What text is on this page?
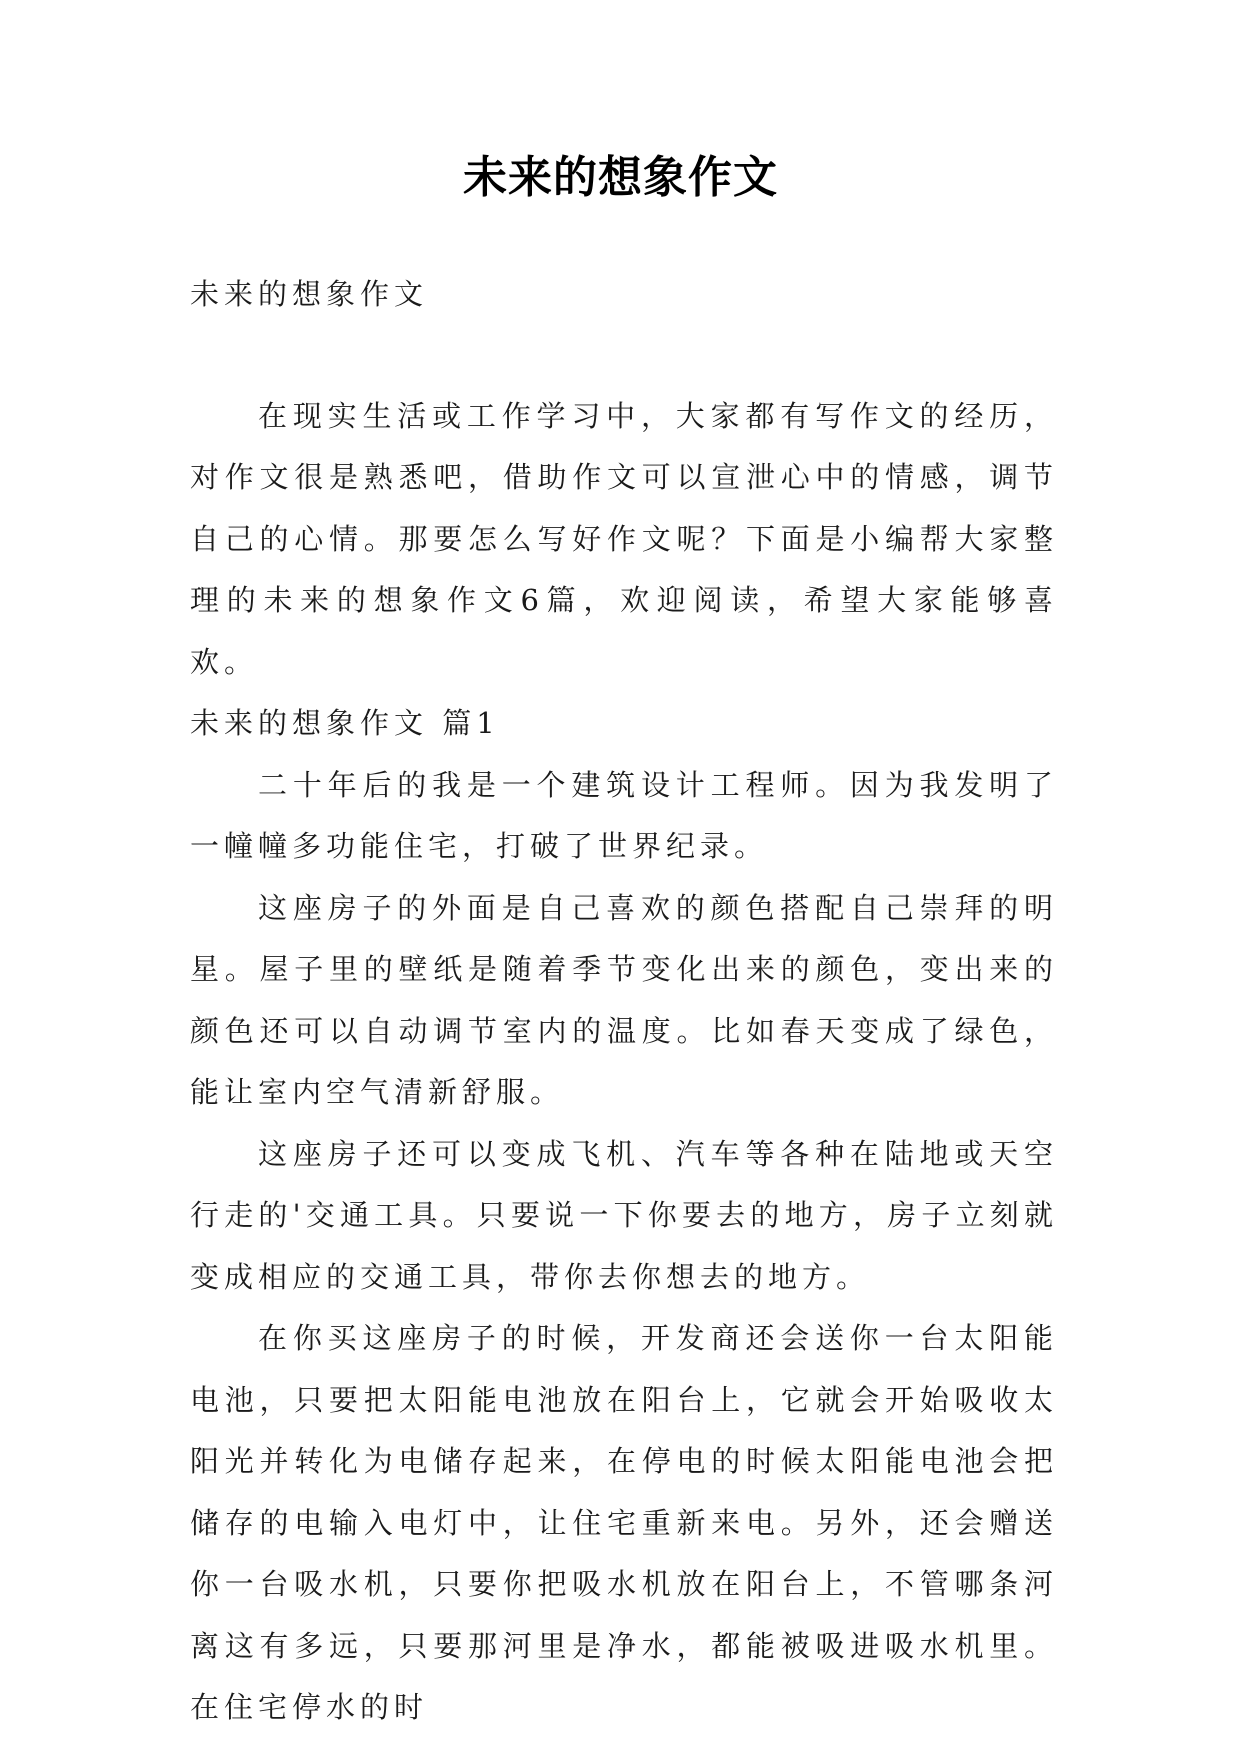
未来的想象作文

未来的想象作文

在现实生活或工作学习中，大家都有写作文的经历，对作文很是熟悉吧，借助作文可以宣泄心中的情感，调节自己的心情。那要怎么写好作文呢？下面是小编帮大家整理的未来的想象作文6篇，欢迎阅读，希望大家能够喜欢。

未来的想象作文 篇1

二十年后的我是一个建筑设计工程师。因为我发明了一幢幢多功能住宅，打破了世界纪录。

这座房子的外面是自己喜欢的颜色搭配自己崇拜的明星。屋子里的壁纸是随着季节变化出来的颜色，变出来的颜色还可以自动调节室内的温度。比如春天变成了绿色，能让室内空气清新舒服。

这座房子还可以变成飞机、汽车等各种在陆地或天空行走的'交通工具。只要说一下你要去的地方，房子立刻就变成相应的交通工具，带你去你想去的地方。

在你买这座房子的时候，开发商还会送你一台太阳能电池，只要把太阳能电池放在阳台上，它就会开始吸收太阳光并转化为电储存起来，在停电的时候太阳能电池会把储存的电输入电灯中，让住宅重新来电。另外，还会赠送你一台吸水机，只要你把吸水机放在阳台上，不管哪条河离这有多远，只要那河里是净水，都能被吸进吸水机里。在住宅停水的时
